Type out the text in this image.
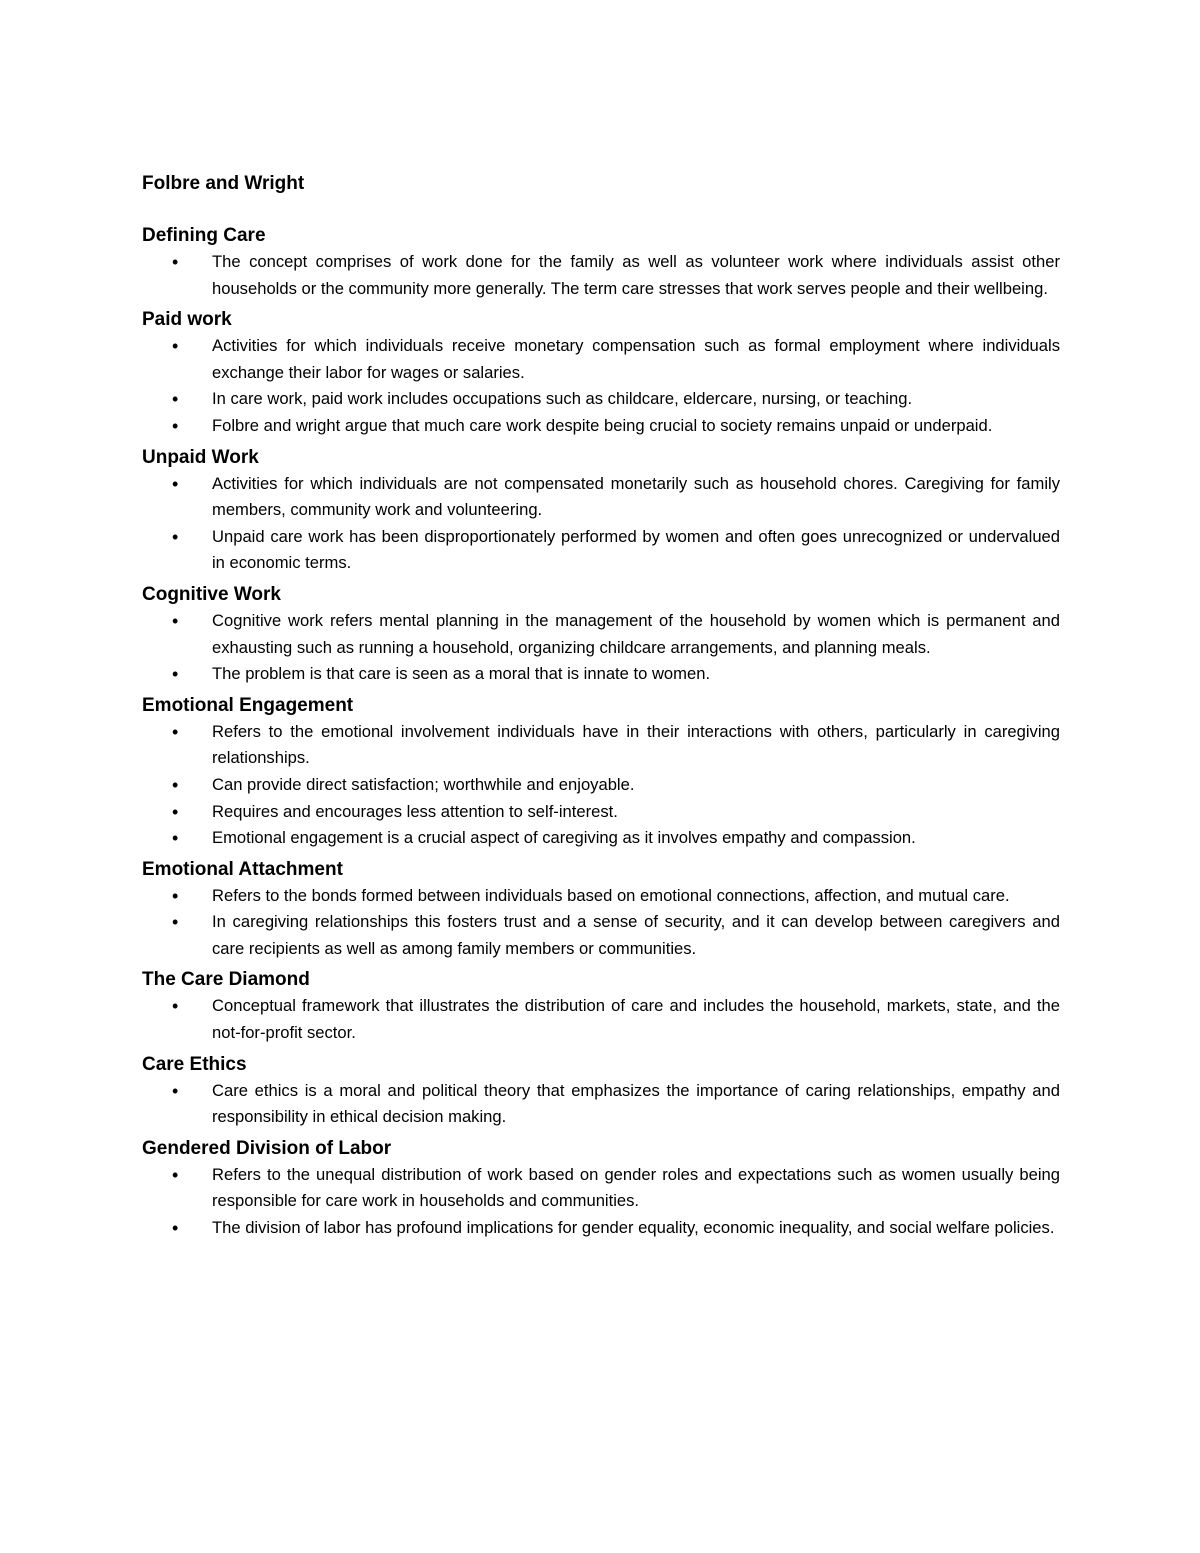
Folbre and Wright
Defining Care
• The concept comprises of work done for the family as well as volunteer work where individuals assist other households or the community more generally. The term care stresses that work serves people and their wellbeing.
Paid work
• Activities for which individuals receive monetary compensation such as formal employment where individuals exchange their labor for wages or salaries.
• In care work, paid work includes occupations such as childcare, eldercare, nursing, or teaching.
• Folbre and wright argue that much care work despite being crucial to society remains unpaid or underpaid.
Unpaid Work
• Activities for which individuals are not compensated monetarily such as household chores. Caregiving for family members, community work and volunteering.
• Unpaid care work has been disproportionately performed by women and often goes unrecognized or undervalued in economic terms.
Cognitive Work
• Cognitive work refers mental planning in the management of the household by women which is permanent and exhausting such as running a household, organizing childcare arrangements, and planning meals.
• The problem is that care is seen as a moral that is innate to women.
Emotional Engagement
• Refers to the emotional involvement individuals have in their interactions with others, particularly in caregiving relationships.
• Can provide direct satisfaction; worthwhile and enjoyable.
• Requires and encourages less attention to self-interest.
• Emotional engagement is a crucial aspect of caregiving as it involves empathy and compassion.
Emotional Attachment
• Refers to the bonds formed between individuals based on emotional connections, affection, and mutual care.
• In caregiving relationships this fosters trust and a sense of security, and it can develop between caregivers and care recipients as well as among family members or communities.
The Care Diamond
• Conceptual framework that illustrates the distribution of care and includes the household, markets, state, and the not-for-profit sector.
Care Ethics
• Care ethics is a moral and political theory that emphasizes the importance of caring relationships, empathy and responsibility in ethical decision making.
Gendered Division of Labor
• Refers to the unequal distribution of work based on gender roles and expectations such as women usually being responsible for care work in households and communities.
• The division of labor has profound implications for gender equality, economic inequality, and social welfare policies.
